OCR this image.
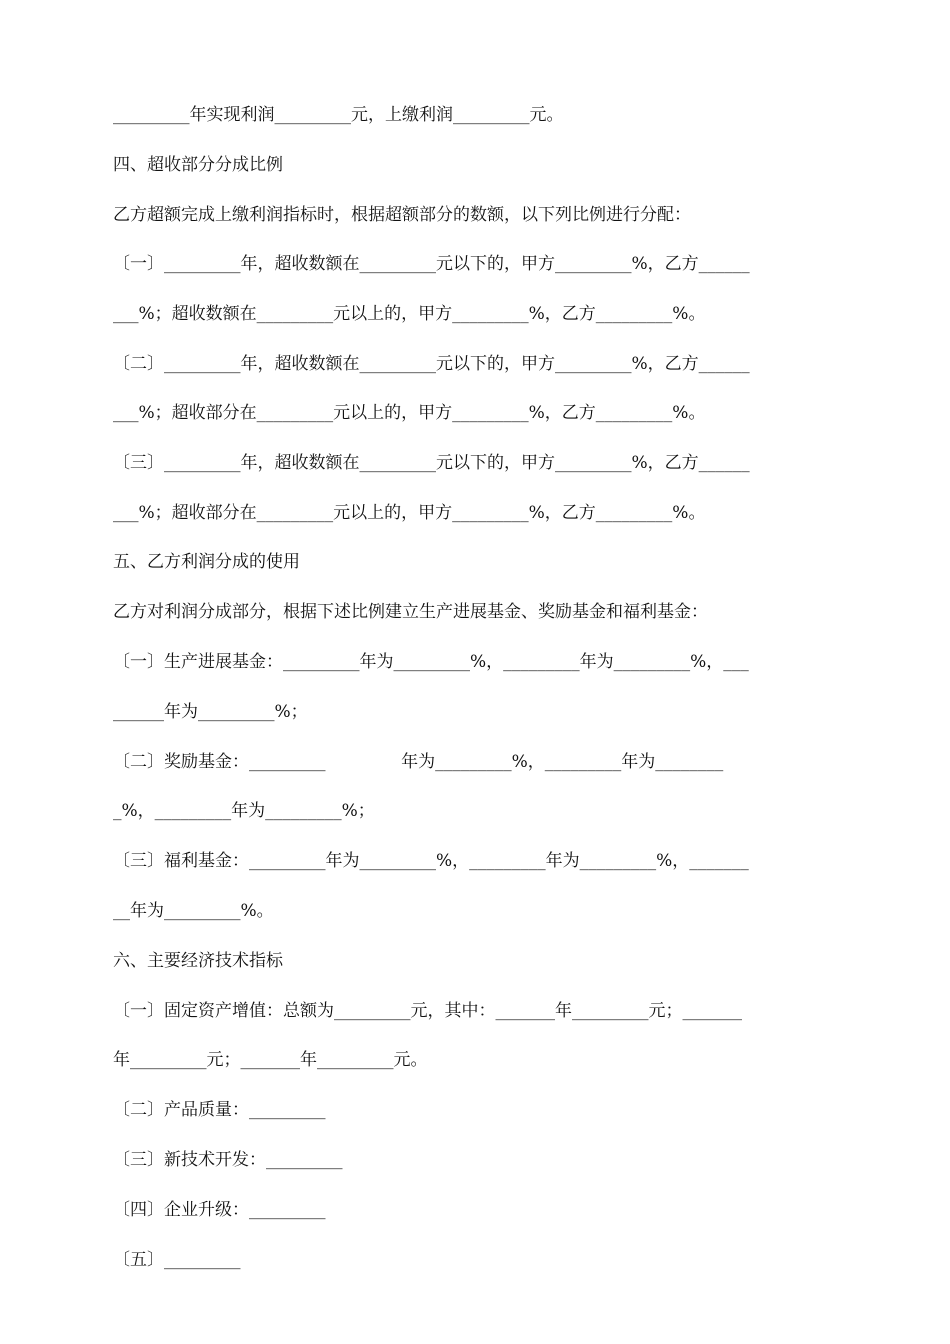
_________年实现利润_________元，上缴利润_________元。
四、超收部分分成比例
乙方超额完成上缴利润指标时，根据超额部分的数额，以下列比例进行分配：
〔一〕_________年，超收数额在_________元以下的，甲方_________%，乙方______
___%；超收数额在_________元以上的，甲方_________%，乙方_________%。
〔二〕_________年，超收数额在_________元以下的，甲方_________%，乙方______
___%；超收部分在_________元以上的，甲方_________%，乙方_________%。
〔三〕_________年，超收数额在_________元以下的，甲方_________%，乙方______
___%；超收部分在_________元以上的，甲方_________%，乙方_________%。
五、乙方利润分成的使用
乙方对利润分成部分，根据下述比例建立生产进展基金、奖励基金和福利基金：
〔一〕生产进展基金：_________年为_________%，_________年为_________%，___
______年为_________%；
〔二〕奖励基金：_________              年为_________%，_________年为________
_%，_________年为_________%；
〔三〕福利基金：_________年为_________%，_________年为_________%，_______
__年为_________%。
六、主要经济技术指标
〔一〕固定资产增值：总额为_________元，其中：_______年_________元；_______
年_________元；_______年_________元。
〔二〕产品质量：_________
〔三〕新技术开发：_________
〔四〕企业升级：_________
〔五〕_________
